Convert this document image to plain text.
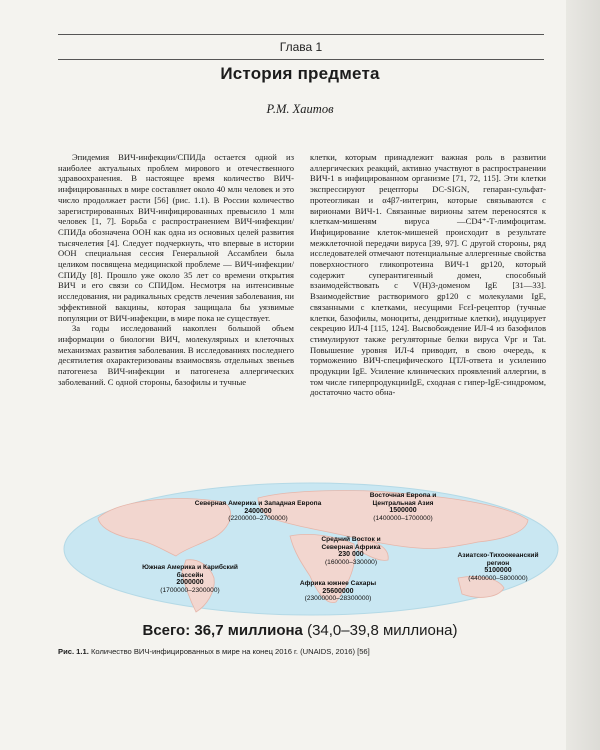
Глава 1
История предмета
Р.М. Хаитов

Эпидемия ВИЧ-инфекции/СПИДа остается одной из наиболее актуальных проблем мирового и отечественного здравоохранения. В настоящее время количество ВИЧ-инфицированных в мире составляет около 40 млн человек и это число продолжает расти [56] (рис. 1.1). В России количество зарегистрированных ВИЧ-инфицированных превысило 1 млн человек [1, 7]. Борьба с распространением ВИЧ-инфекции/СПИДа обозначена ООН как одна из основных целей развития тысячелетия [4]. Следует подчеркнуть, что впервые в истории ООН специальная сессия Генеральной Ассамблеи была целиком посвящена медицинской проблеме — ВИЧ-инфекции/СПИДу [8]. Прошло уже около 35 лет со времени открытия ВИЧ и его связи со СПИДом. Несмотря на интенсивные исследования, ни радикальных средств лечения заболевания, ни эффективной вакцины, которая защищала бы уязвимые популяции от ВИЧ-инфекции, в мире пока не существует.

За годы исследований накоплен большой объем информации о биологии ВИЧ, молекулярных и клеточных механизмах развития заболевания. В исследованиях последнего десятилетия охарактеризованы взаимосвязь отдельных звеньев патогенеза ВИЧ-инфекции и патогенеза аллергических заболеваний. С одной стороны, базофилы и тучные

клетки, которым принадлежит важная роль в развитии аллергических реакций, активно участвуют в распространении ВИЧ-1 в инфицированном организме [71, 72, 115]. Эти клетки экспрессируют рецепторы DC-SIGN, гепаран-сульфат-протеогликан и α4β7-интегрин, которые связываются с вирионами ВИЧ-1. Связанные вирионы затем переносятся к клеткам-мишеням вируса —CD4⁺-Т-лимфоцитам. Инфицирование клеток-мишеней происходит в результате межклеточной передачи вируса [39, 97]. С другой стороны, ряд исследователей отмечают потенциальные аллергенные свойства поверхностного гликопротеина ВИЧ-1 gp120, который содержит суперантигенный домен, способный взаимодействовать с V(H)3-доменом IgE [31—33]. Взаимодействие растворимого gp120 с молекулами IgE, связанными с клетками, несущими FcεI-рецептор (тучные клетки, базофилы, моноциты, дендритные клетки), индуцирует секрецию ИЛ-4 [115, 124]. Высвобождение ИЛ-4 из базофилов стимулируют также регуляторные белки вируса Vpr и Tat. Повышение уровня ИЛ-4 приводит, в свою очередь, к торможению ВИЧ-специфического ЦТЛ-ответа и усилению продукции IgE. Усиление клинических проявлений аллергии, в том числе гиперпродукцииIgE, сходная с гипер-IgE-синдромом, достаточно часто обна-

Северная Америка и Западная Европа
2400000
(2200000–2700000)
Восточная Европа и Центральная Азия
1500000
(1400000–1700000)
Средний Восток и Северная Африка
230 000
(160000–330000)
Азиатско-Тихоокеанский регион
5100000
(4400000–5800000)
Южная Америка и Карибский бассейн
2000000
(1700000–2300000)
Африка южнее Сахары
25600000
(23000000–28300000)
Всего: 36,7 миллиона (34,0–39,8 миллиона)
Рис. 1.1. Количество ВИЧ-инфицированных в мире на конец 2016 г. (UNAIDS, 2016) [56]
